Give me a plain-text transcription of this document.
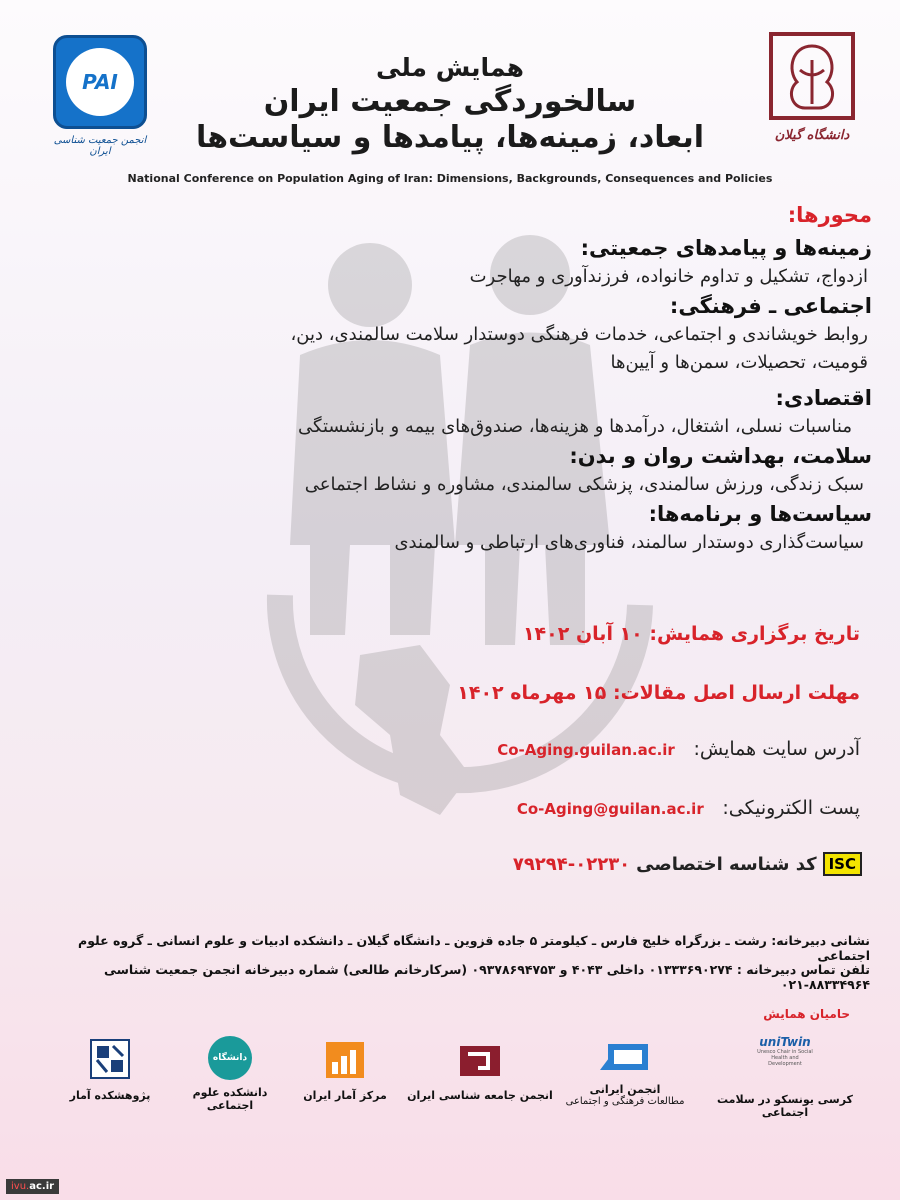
PAI
انجمن جمعیت شناسی ایران
دانشگاه گیلان
همایش ملی
سالخوردگی جمعیت ایران
ابعاد، زمینه‌ها، پیامدها و سیاست‌ها
National Conference on Population Aging of Iran: Dimensions, Backgrounds, Consequences and Policies
محورها:
زمینه‌ها و پیامدهای جمعیتی:
ازدواج، تشکیل و تداوم خانواده، فرزندآوری و مهاجرت
اجتماعی ـ فرهنگی:
روابط خویشاندی و اجتماعی، خدمات فرهنگی دوستدار سلامت سالمندی، دین، قومیت، تحصیلات، سمن‌ها و آیین‌ها
اقتصادی:
مناسبات نسلی، اشتغال، درآمدها و هزینه‌ها، صندوق‌های بیمه و بازنشستگی
سلامت، بهداشت روان و بدن:
سبک زندگی، ورزش سالمندی، پزشکی سالمندی، مشاوره و نشاط اجتماعی
سیاست‌ها و برنامه‌ها:
سیاست‌گذاری دوستدار سالمند، فناوری‌های ارتباطی و سالمندی
تاریخ برگزاری همایش: ۱۰ آبان ۱۴۰۲
مهلت ارسال اصل مقالات: ۱۵ مهرماه ۱۴۰۲
آدرس سایت همایش: Co-Aging.guilan.ac.ir
پست الکترونیکی: Co-Aging@guilan.ac.ir
ISC
کد شناسه اختصاصی
۷۹۲۹۴-۰۲۲۳۰
نشانی دبیرخانه: رشت ـ بزرگراه خلیج فارس ـ کیلومتر ۵ جاده قزوین ـ دانشگاه گیلان ـ دانشکده ادبیات و علوم انسانی ـ گروه علوم اجتماعی
تلفن تماس دبیرخانه : ۰۱۳۳۳۶۹۰۲۷۴ داخلی ۴۰۴۳ و ۰۹۳۷۸۶۹۴۷۵۳ (سرکارخانم طالعی) شماره دبیرخانه انجمن جمعیت شناسی ۸۸۳۳۴۹۶۴-۰۲۱
حامیان همایش
uniTwin
Unesco Chair in Social Health and Development
کرسی یونسکو در سلامت اجتماعی
انجمن ایرانی
مطالعات فرهنگی و اجتماعی
انجمن جامعه شناسی ایران
مرکز آمار ایران
دانشگاه
دانشکده علوم اجتماعی
پژوهشکده آمار
ivu.ac.ir
